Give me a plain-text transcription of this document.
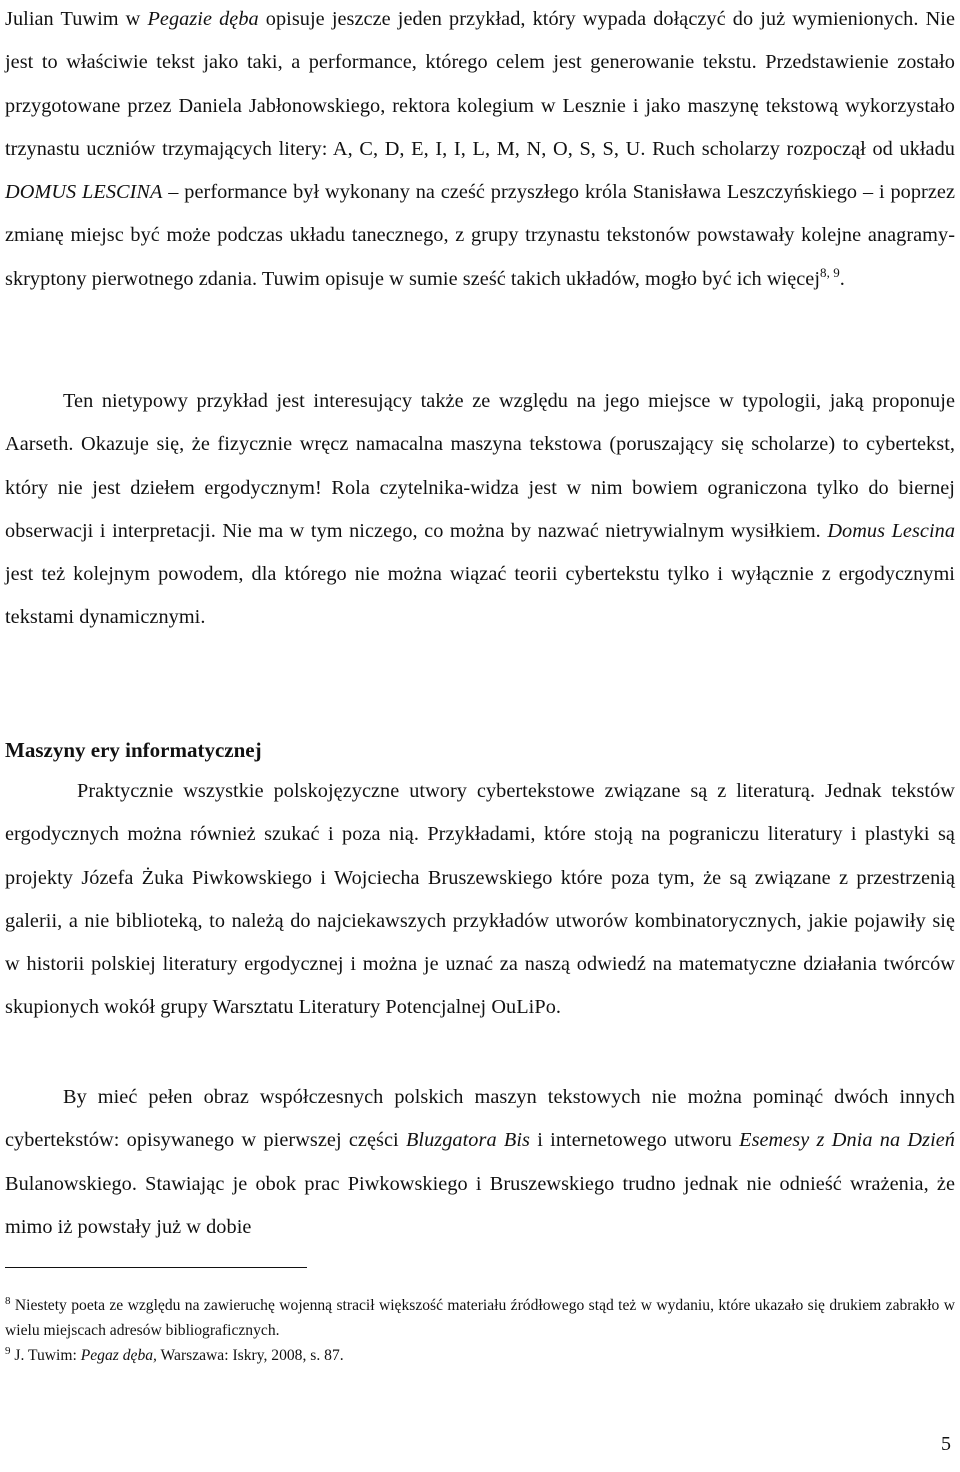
Julian Tuwim w Pegazie dęba opisuje jeszcze jeden przykład, który wypada dołączyć do już wymienionych. Nie jest to właściwie tekst jako taki, a performance, którego celem jest generowanie tekstu. Przedstawienie zostało przygotowane przez Daniela Jabłonowskiego, rektora kolegium w Lesznie i jako maszynę tekstową wykorzystało trzynastu uczniów trzymających litery: A, C, D, E, I, I, L, M, N, O, S, S, U. Ruch scholarzy rozpoczął od układu DOMUS LESCINA – performance był wykonany na cześć przyszłego króla Stanisława Leszczyńskiego – i poprzez zmianę miejsc być może podczas układu tanecznego, z grupy trzynastu tekstonów powstawały kolejne anagramy-skryptony pierwotnego zdania. Tuwim opisuje w sumie sześć takich układów, mogło być ich więcej$^{8, 9}$.

Ten nietypowy przykład jest interesujący także ze względu na jego miejsce w typologii, jaką proponuje Aarseth. Okazuje się, że fizycznie wręcz namacalna maszyna tekstowa (poruszający się scholarze) to cybertekst, który nie jest dziełem ergodycznym! Rola czytelnika-widza jest w nim bowiem ograniczona tylko do biernej obserwacji i interpretacji. Nie ma w tym niczego, co można by nazwać nietrywialnym wysiłkiem. Domus Lescina jest też kolejnym powodem, dla którego nie można wiązać teorii cybertekstu tylko i wyłącznie z ergodycznymi tekstami dynamicznymi.

Maszyny ery informatycznej

Praktycznie wszystkie polskojęzyczne utwory cybertekstowe związane są z literaturą. Jednak tekstów ergodycznych można również szukać i poza nią. Przykładami, które stoją na pograniczu literatury i plastyki są projekty Józefa Żuka Piwkowskiego i Wojciecha Bruszewskiego które poza tym, że są związane z przestrzenią galerii, a nie biblioteką, to należą do najciekawszych przykładów utworów kombinatorycznych, jakie pojawiły się w historii polskiej literatury ergodycznej i można je uznać za naszą odwiedź na matematyczne działania twórców skupionych wokół grupy Warsztatu Literatury Potencjalnej OuLiPo.

By mieć pełen obraz współczesnych polskich maszyn tekstowych nie można pominąć dwóch innych cybertekstów: opisywanego w pierwszej części Bluzgatora Bis i internetowego utworu Esemesy z Dnia na Dzień Bulanowskiego. Stawiając je obok prac Piwkowskiego i Bruszewskiego trudno jednak nie odnieść wrażenia, że mimo iż powstały już w dobie

$^8$ Niestety poeta ze względu na zawieruchę wojenną stracił większość materiału źródłowego stąd też w wydaniu, które ukazało się drukiem zabrakło w wielu miejscach adresów bibliograficznych.

$^9$ J. Tuwim: Pegaz dęba, Warszawa: Iskry, 2008, s. 87.

5
